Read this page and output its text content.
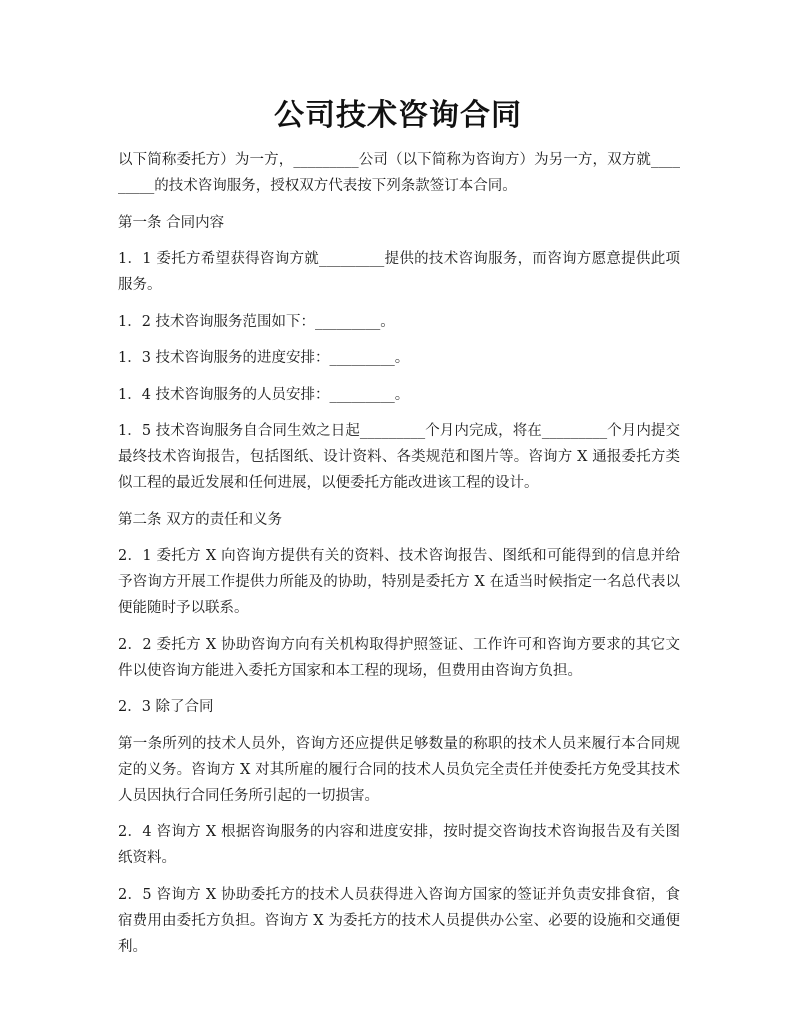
公司技术咨询合同

以下简称委托方）为一方，_________公司（以下简称为咨询方）为另一方，双方就_________的技术咨询服务，授权双方代表按下列条款签订本合同。

第一条 合同内容

1．1 委托方希望获得咨询方就_________提供的技术咨询服务，而咨询方愿意提供此项服务。

1．2 技术咨询服务范围如下：_________。

1．3 技术咨询服务的进度安排：_________。

1．4 技术咨询服务的人员安排：_________。

1．5 技术咨询服务自合同生效之日起_________个月内完成，将在_________个月内提交最终技术咨询报告，包括图纸、设计资料、各类规范和图片等。咨询方 X 通报委托方类似工程的最近发展和任何进展，以便委托方能改进该工程的设计。

第二条 双方的责任和义务

2．1 委托方 X 向咨询方提供有关的资料、技术咨询报告、图纸和可能得到的信息并给予咨询方开展工作提供力所能及的协助，特别是委托方 X 在适当时候指定一名总代表以便能随时予以联系。

2．2 委托方 X 协助咨询方向有关机构取得护照签证、工作许可和咨询方要求的其它文件以使咨询方能进入委托方国家和本工程的现场，但费用由咨询方负担。

2．3 除了合同

第一条所列的技术人员外，咨询方还应提供足够数量的称职的技术人员来履行本合同规定的义务。咨询方 X 对其所雇的履行合同的技术人员负完全责任并使委托方免受其技术人员因执行合同任务所引起的一切损害。

2．4 咨询方 X 根据咨询服务的内容和进度安排，按时提交咨询技术咨询报告及有关图纸资料。

2．5 咨询方 X 协助委托方的技术人员获得进入咨询方国家的签证并负责安排食宿，食宿费用由委托方负担。咨询方 X 为委托方的技术人员提供办公室、必要的设施和交通便利。
